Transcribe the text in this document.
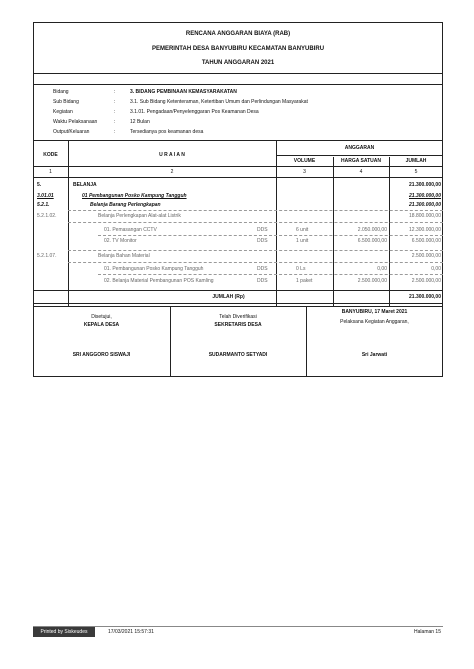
RENCANA ANGGARAN BIAYA (RAB)
PEMERINTAH DESA BANYUBIRU KECAMATAN BANYUBIRU
TAHUN ANGGARAN 2021
Bidang	:	3. BIDANG PEMBINAAN KEMASYARAKATAN
Sub Bidang	:	3.1. Sub Bidang Ketenteraman, Ketertiban Umum dan Perlindungan Masyarakat
Kegiatan	:	3.1.01. Pengadaan/Penyelenggaran Pos Keamanan Desa
Waktu Pelaksanaan	:	12 Bulan
Output/Keluaran	:	Tersedianya pos keamanan desa
KODE	U R A I A N
ANGGARAN
VOLUME	HARGA SATUAN	JUMLAH
1	2	3	4	5
5.	BELANJA	21.300.000,00
3.01.01	01 Pembangunan Posko Kampung Tangguh	21.300.000,00
5.2.1.	Belanja Barang Perlengkapan	21.300.000,00
5.2.1.02.	Belanja Perlengkapan Alat-alat Listrik	18.800.000,00
01. Pemasangan CCTV	DDS	6 unit	2.050.000,00	12.300.000,00
02. TV Monitor	DDS	1 unit	6.500.000,00	6.500.000,00
5.2.1.07.	Belanja Bahan Material	2.500.000,00
01. Pembangunan Posko Kampung Tangguh	DDS	0 Ls	0,00	0,00
02. Belanja Material Pembangunan POS Kamling	DDS	1 paket	2.500.000,00	2.500.000,00
JUMLAH (Rp)	21.300.000,00
Disetujui,
KEPALA DESA
SRI ANGGORO SISWAJI
Telah Diverifikasi
SEKRETARIS DESA
SUDARMANTO SETYADI
BANYUBIRU, 17 Maret 2021
Pelaksana Kegiatan Anggaran,
Sri Jarwati
Printed by Siskeudes	17/03/2021 15:57:31	Halaman 15
